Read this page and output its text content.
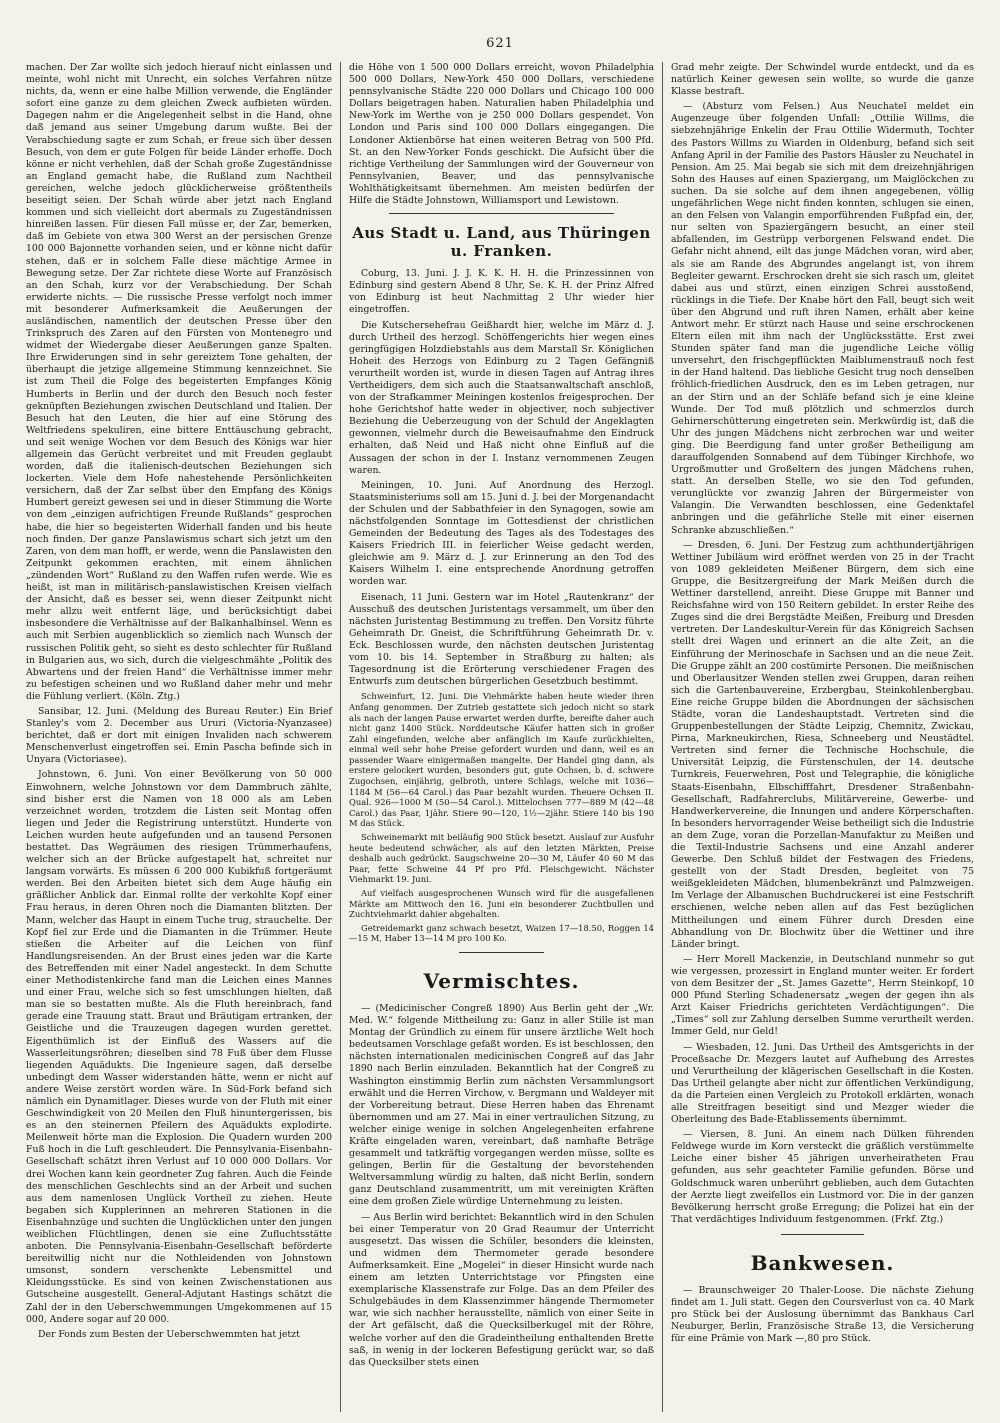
621

machen. Der Zar wollte sich jedoch hierauf nicht einlassen und meinte, wohl nicht mit Unrecht, ein solches Verfahren nütze nichts, da, wenn er eine halbe Million verwende, die Engländer sofort eine ganze zu dem gleichen Zweck aufbieten würden. Dagegen nahm er die Angelegenheit selbst in die Hand, ohne daß jemand aus seiner Umgebung darum wußte. Bei der Verabschiedung sagte er zum Schah, er freue sich über dessen Besuch, von dem er gute Folgen für beide Länder erhoffe. Doch könne er nicht verhehlen, daß der Schah große Zugeständnisse an England gemacht habe, die Rußland zum Nachtheil gereichen, welche jedoch glücklicherweise größtentheils beseitigt seien. Der Schah würde aber jetzt nach England kommen und sich vielleicht dort abermals zu Zugeständnissen hinreißen lassen. Für diesen Fall müsse er, der Zar, bemerken, daß im Gebiete von etwa 300 Werst an der persischen Grenze 100 000 Bajonnette vorhanden seien, und er könne nicht dafür stehen, daß er in solchem Falle diese mächtige Armee in Bewegung setze. Der Zar richtete diese Worte auf Französisch an den Schah, kurz vor der Verabschiedung. Der Schah erwiderte nichts. — Die russische Presse verfolgt noch immer mit besonderer Aufmerksamkeit die Aeußerungen der ausländischen, namentlich der deutschen Presse über den Trinkspruch des Zaren auf den Fürsten von Montenegro und widmet der Wiedergabe dieser Aeußerungen ganze Spalten. Ihre Erwiderungen sind in sehr gereiztem Tone gehalten, der überhaupt die jetzige allgemeine Stimmung kennzeichnet. Sie ist zum Theil die Folge des begeisterten Empfanges König Humberts in Berlin und der durch den Besuch noch fester geknüpften Beziehungen zwischen Deutschland und Italien. Der Besuch hat den Leuten, die hier auf eine Störung des Weltfriedens spekuliren, eine bittere Enttäuschung gebracht, und seit wenige Wochen vor dem Besuch des Königs war hier allgemein das Gerücht verbreitet und mit Freuden geglaubt worden, daß die italienisch-deutschen Beziehungen sich lockerten. Viele dem Hofe nahestehende Persönlichkeiten versichern, daß der Zar selbst über den Empfang des Königs Humbert gereizt gewesen sei und in dieser Stimmung die Worte von dem „einzigen aufrichtigen Freunde Rußlands“ gesprochen habe, die hier so begeisterten Widerhall fanden und bis heute noch finden. Der ganze Panslawismus schart sich jetzt um den Zaren, von dem man hofft, er werde, wenn die Panslawisten den Zeitpunkt gekommen erachten, mit einem ähnlichen „zündenden Wort“ Rußland zu den Waffen rufen werde. Wie es heißt, ist man in militärisch-panslawistischen Kreisen vielfach der Ansicht, daß es besser sei, wenn dieser Zeitpunkt nicht mehr allzu weit entfernt läge, und berücksichtigt dabei insbesondere die Verhältnisse auf der Balkanhalbinsel. Wenn es auch mit Serbien augenblicklich so ziemlich nach Wunsch der russischen Politik geht, so sieht es desto schlechter für Rußland in Bulgarien aus, wo sich, durch die vielgeschmähte „Politik des Abwartens und der freien Hand“ die Verhältnisse immer mehr zu befestigen scheinen und wo Rußland daher mehr und mehr die Fühlung verliert. (Köln. Ztg.)

Sansibar, 12. Juni. (Meldung des Bureau Reuter.) Ein Brief Stanley's vom 2. December aus Ururi (Victoria-Nyanzasee) berichtet, daß er dort mit einigen Invaliden nach schwerem Menschenverlust eingetroffen sei. Emin Pascha befinde sich in Unyara (Victoriasee).

Johnstown, 6. Juni. Von einer Bevölkerung von 50 000 Einwohnern, welche Johnstown vor dem Dammbruch zählte, sind bisher erst die Namen von 18 000 als am Leben verzeichnet worden, trotzdem die Listen seit Montag offen liegen und Jeder die Registrirung unterstützt. Hunderte von Leichen wurden heute aufgefunden und an tausend Personen bestattet. Das Wegräumen des riesigen Trümmerhaufens, welcher sich an der Brücke aufgestapelt hat, schreitet nur langsam vorwärts. Es müssen 6 200 000 Kubikfuß fortgeräumt werden. Bei den Arbeiten bietet sich dem Auge häufig ein gräßlicher Anblick dar. Einmal rollte der verkohlte Kopf einer Frau heraus, in deren Ohren noch die Diamanten blitzten. Der Mann, welcher das Haupt in einem Tuche trug, strauchelte. Der Kopf fiel zur Erde und die Diamanten in die Trümmer. Heute stießen die Arbeiter auf die Leichen von fünf Handlungsreisenden. An der Brust eines jeden war die Karte des Betreffenden mit einer Nadel angesteckt. In dem Schutte einer Methodistenkirche fand man die Leichen eines Mannes und einer Frau, welche sich so fest umschlungen hielten, daß man sie so bestatten mußte. Als die Fluth hereinbrach, fand gerade eine Trauung statt. Braut und Bräutigam ertranken, der Geistliche und die Trauzeugen dagegen wurden gerettet. Eigenthümlich ist der Einfluß des Wassers auf die Wasserleitungsröhren; dieselben sind 78 Fuß über dem Flusse liegenden Aquädukts. Die Ingenieure sagen, daß derselbe unbedingt dem Wasser widerstanden hätte, wenn er nicht auf andere Weise zerstört worden wäre. In Süd-Fork befand sich nämlich ein Dynamitlager. Dieses wurde von der Fluth mit einer Geschwindigkeit von 20 Meilen den Fluß hinuntergerissen, bis es an den steinernen Pfeilern des Aquädukts explodirte. Meilenweit hörte man die Explosion. Die Quadern wurden 200 Fuß hoch in die Luft geschleudert. Die Pennsylvania-Eisenbahn-Gesellschaft schätzt ihren Verlust auf 10 000 000 Dollars. Vor drei Wochen kann kein geordneter Zug fahren. Auch die Feinde des menschlichen Geschlechts sind an der Arbeit und suchen aus dem namenlosen Unglück Vortheil zu ziehen. Heute begaben sich Kupplerinnen an mehreren Stationen in die Eisenbahnzüge und suchten die Unglücklichen unter den jungen weiblichen Flüchtlingen, denen sie eine Zufluchtsstätte anboten. Die Pennsylvania-Eisenbahn-Gesellschaft beförderte bereitwillig nicht nur die Nothleidenden von Johnstown umsonst, sondern verschenkte Lebensmittel und Kleidungsstücke. Es sind von keinen Zwischenstationen aus Gutscheine ausgestellt. General-Adjutant Hastings schätzt die Zahl der in den Ueberschwemmungen Umgekommenen auf 15 000, Andere sogar auf 20 000.

Der Fonds zum Besten der Ueberschwemmten hat jetzt

die Höhe von 1 500 000 Dollars erreicht, wovon Philadelphia 500 000 Dollars, New-York 450 000 Dollars, verschiedene pennsylvanische Städte 220 000 Dollars und Chicago 100 000 Dollars beigetragen haben. Naturalien haben Philadelphia und New-York im Werthe von je 250 000 Dollars gespendet. Von London und Paris sind 100 000 Dollars eingegangen. Die Londoner Aktienbörse hat einen weiteren Betrag von 500 Pfd. St. an den New-Yorker Fonds geschickt. Die Aufsicht über die richtige Vertheilung der Sammlungen wird der Gouverneur von Pennsylvanien, Beaver, und das pennsylvanische Wohlthätigkeitsamt übernehmen. Am meisten bedürfen der Hilfe die Städte Johnstown, Williamsport und Lewistown.

Aus Stadt u. Land, aus Thüringen u. Franken.

Coburg, 13. Juni. J. J. K. K. H. H. die Prinzessinnen von Edinburg sind gestern Abend 8 Uhr, Se. K. H. der Prinz Alfred von Edinburg ist heut Nachmittag 2 Uhr wieder hier eingetroffen.

Die Kutschersehefrau Geißhardt hier, welche im März d. J. durch Urtheil des herzogl. Schöffengerichts hier wegen eines geringfügigen Holzdiebstahls aus dem Marstall Sr. Königlichen Hoheit des Herzogs von Edinburg zu 2 Tagen Gefängniß verurtheilt worden ist, wurde in diesen Tagen auf Antrag ihres Vertheidigers, dem sich auch die Staatsanwaltschaft anschloß, von der Strafkammer Meiningen kostenlos freigesprochen. Der hohe Gerichtshof hatte weder in objectiver, noch subjectiver Beziehung die Ueberzeugung von der Schuld der Angeklagten gewonnen, vielmehr durch die Beweisaufnahme den Eindruck erhalten, daß Neid und Haß nicht ohne Einfluß auf die Aussagen der schon in der I. Instanz vernommenen Zeugen waren.

Meiningen, 10. Juni. Auf Anordnung des Herzogl. Staatsministeriums soll am 15. Juni d. J. bei der Morgenandacht der Schulen und der Sabbathfeier in den Synagogen, sowie am nächstfolgenden Sonntage im Gottesdienst der christlichen Gemeinden der Bedeutung des Tages als des Todestages des Kaisers Friedrich III. in feierlicher Weise gedacht werden, gleichwie am 9. März d. J. zur Erinnerung an den Tod des Kaisers Wilhelm I. eine entsprechende Anordnung getroffen worden war.

Eisenach, 11 Juni. Gestern war im Hotel „Rautenkranz“ der Ausschuß des deutschen Juristentags versammelt, um über den nächsten Juristentag Bestimmung zu treffen. Den Vorsitz führte Geheimrath Dr. Gneist, die Schriftführung Geheimrath Dr. v. Eck. Beschlossen wurde, den nächsten deutschen Juristentag vom 10. bis 14. September in Straßburg zu halten; als Tagesordnung ist die Erörterung verschiedener Fragen des Entwurfs zum deutschen bürgerlichen Gesetzbuch bestimmt.

Schweinfurt, 12. Juni. Die Viehmärkte haben heute wieder ihren Anfang genommen. Der Zutrieb gestattete sich jedoch nicht so stark als nach der langen Pause erwartet werden durfte, bereifte daher auch nicht ganz 1400 Stück. Norddeutsche Käufer hatten sich in großer Zahl eingefunden, welche aber anfänglich im Kaufe zurückhielten, einmal weil sehr hohe Preise gefordert wurden und dann, weil es an passender Waare einigermaßen mangelte. Der Handel ging dann, als erstere gelockert wurden, besonders gut, gute Ochsen, b. d. schwere Zugochsen, einjährig, gelbroth, untere Schlags, welche mit 1036—1184 M (56—64 Carol.) das Paar bezahlt wurden. Theuere Ochsen II. Qual. 926—1000 M (50—54 Carol.). Mittelochsen 777—889 M (42—48 Carol.) das Paar, 1jähr. Stiere 90—120, 1½—2jähr. Stiere 140 bis 190 M das Stück.

Schweinemarkt mit beiläufig 900 Stück besetzt. Auslauf zur Ausfuhr heute bedeutend schwächer, als auf den letzten Märkten, Preise deshalb auch gedrückt. Saugschweine 20—30 M, Läufer 40 60 M das Paar, fette Schweine 44 Pf pro Pfd. Fleischgewicht. Nächster Viehmarkt 19. Juni.

Auf vielfach ausgesprochenen Wunsch wird für die ausgefallenen Märkte am Mittwoch den 16. Juni ein besonderer Zuchtbullen und Zuchtviehmarkt dahier abgehalten.

Getreidemarkt ganz schwach besetzt, Waizen 17—18.50, Roggen 14—15 M, Haber 13—14 M pro 100 Ko.

Vermischtes.

— (Medicinischer Congreß 1890) Aus Berlin geht der „Wr. Med. W.“ folgende Mittheilung zu: Ganz in aller Stille ist man Montag der Gründlich zu einem für unsere ärztliche Welt hoch bedeutsamen Vorschlage gefaßt worden. Es ist beschlossen, den nächsten internationalen medicinischen Congreß auf das Jahr 1890 nach Berlin einzuladen. Bekanntlich hat der Congreß zu Washington einstimmig Berlin zum nächsten Versammlungsort erwählt und die Herren Virchow, v. Bergmann und Waldeyer mit der Vorbereitung betraut. Diese Herren haben das Ehrenamt übernommen und am 27. Mai in einer vertraulichen Sitzung, zu welcher einige wenige in solchen Angelegenheiten erfahrene Kräfte eingeladen waren, vereinbart, daß namhafte Beträge gesammelt und tatkräftig vorgegangen werden müsse, sollte es gelingen, Berlin für die Gestaltung der bevorstehenden Weltversammlung würdig zu halten, daß nicht Berlin, sondern ganz Deutschland zusammentritt, um mit vereinigten Kräften eine dem großen Ziele würdige Unternehmung zu leisten.

— Aus Berlin wird berichtet: Bekanntlich wird in den Schulen bei einer Temperatur von 20 Grad Reaumur der Unterricht ausgesetzt. Das wissen die Schüler, besonders die kleinsten, und widmen dem Thermometer gerade besondere Aufmerksamkeit. Eine „Mogelei“ in dieser Hinsicht wurde nach einem am letzten Unterrichtstage vor Pfingsten eine exemplarische Klassenstrafe zur Folge. Das an dem Pfeiler des Schulgebäudes in dem Klassenzimmer hängende Thermometer war, wie sich nachher herausstellte, nämlich von einer Seite in der Art gefälscht, daß die Quecksilberkugel mit der Röhre, welche vorher auf den die Gradeintheilung enthaltenden Brette saß, in wenig in der lockeren Befestigung gerückt war, so daß das Quecksilber stets einen

Grad mehr zeigte. Der Schwindel wurde entdeckt, und da es natürlich Keiner gewesen sein wollte, so wurde die ganze Klasse bestraft.

— (Absturz vom Felsen.) Aus Neuchatel meldet ein Augenzeuge über folgenden Unfall: „Ottilie Willms, die siebzehnjährige Enkelin der Frau Ottilie Widermuth, Tochter des Pastors Willms zu Wiarden in Oldenburg, befand sich seit Anfang April in der Familie des Pastors Häusler zu Neuchatel in Pension. Am 25. Mai begab sie sich mit dem dreizehnjährigen Sohn des Hauses auf einen Spaziergang, um Maiglöckchen zu suchen. Da sie solche auf dem ihnen angegebenen, völlig ungefährlichen Wege nicht finden konnten, schlugen sie einen, an den Felsen von Valangin emporführenden Fußpfad ein, der, nur selten von Spaziergängern besucht, an einer steil abfallenden, im Gestrüpp verborgenen Felswand endet. Die Gefahr nicht ahnend, eilt das junge Mädchen voran, wird aber, als sie am Rande des Abgrundes angelangt ist, von ihrem Begleiter gewarnt. Erschrocken dreht sie sich rasch um, gleitet dabei aus und stürzt, einen einzigen Schrei ausstoßend, rücklings in die Tiefe. Der Knabe hört den Fall, beugt sich weit über den Abgrund und ruft ihren Namen, erhält aber keine Antwort mehr. Er stürzt nach Hause und seine erschrockenen Eltern eilen mit ihm nach der Unglücksstätte. Erst zwei Stunden später fand man die jugendliche Leiche völlig unversehrt, den frischgepflückten Maiblumenstrauß noch fest in der Hand haltend. Das liebliche Gesicht trug noch denselben fröhlich-friedlichen Ausdruck, den es im Leben getragen, nur an der Stirn und an der Schläfe befand sich je eine kleine Wunde. Der Tod muß plötzlich und schmerzlos durch Gehirnerschütterung eingetreten sein. Merkwürdig ist, daß die Uhr des jungen Mädchens nicht zerbrochen war und weiter ging. Die Beerdigung fand unter großer Betheiligung am darauffolgenden Sonnabend auf dem Tübinger Kirchhofe, wo Urgroßmutter und Großeltern des jungen Mädchens ruhen, statt. An derselben Stelle, wo sie den Tod gefunden, verunglückte vor zwanzig Jahren der Bürgermeister von Valangin. Die Verwandten beschlossen, eine Gedenktafel anbringen und die gefährliche Stelle mit einer eisernen Schranke abzuschließen.“

— Dresden, 6. Juni. Der Festzug zum achthundertjährigen Wettiner Jubiläum wird eröffnet werden von 25 in der Tracht von 1089 gekleideten Meißener Bürgern, dem sich eine Gruppe, die Besitzergreifung der Mark Meißen durch die Wettiner darstellend, anreiht. Diese Gruppe mit Banner und Reichsfahne wird von 150 Reitern gebildet. In erster Reihe des Zuges sind die drei Bergstädte Meißen, Freiburg und Dresden vertreten. Der Landeskultur-Verein für das Königreich Sachsen stellt drei Wagen und erinnert an die alte Zeit, an die Einführung der Merinoschafe in Sachsen und an die neue Zeit. Die Gruppe zählt an 200 costümirte Personen. Die meißnischen und Oberlausitzer Wenden stellen zwei Gruppen, daran reihen sich die Gartenbauvereine, Erzbergbau, Steinkohlenbergbau. Eine reiche Gruppe bilden die Abordnungen der sächsischen Städte, voran die Landeshauptstadt. Vertreten sind die Gruppenbestellungen der Städte Leipzig, Chemnitz, Zwickau, Pirna, Markneukirchen, Riesa, Schneeberg und Neustädtel. Vertreten sind ferner die Technische Hochschule, die Universität Leipzig, die Fürstenschulen, der 14. deutsche Turnkreis, Feuerwehren, Post und Telegraphie, die königliche Staats-Eisenbahn, Elbschifffahrt, Dresdener Straßenbahn-Gesellschaft, Radfahrerclubs, Militärvereine, Gewerbe- und Handwerkervereine, die Innungen und andere Körperschaften. In besonders hervorragender Weise betheiligt sich die Industrie an dem Zuge, voran die Porzellan-Manufaktur zu Meißen und die Textil-Industrie Sachsens und eine Anzahl anderer Gewerbe. Den Schluß bildet der Festwagen des Friedens, gestellt von der Stadt Dresden, begleitet von 75 weißgekleideten Mädchen, blumenbekränzt und Palmzweigen. Im Verlage der Albanuschen Buchdruckerei ist eine Festschrift erschienen, welche neben allen auf das Fest bezüglichen Mittheilungen und einem Führer durch Dresden eine Abhandlung von Dr. Blochwitz über die Wettiner und ihre Länder bringt.

— Herr Morell Mackenzie, in Deutschland nunmehr so gut wie vergessen, prozessirt in England munter weiter. Er fordert von dem Besitzer der „St. James Gazette“, Herrn Steinkopf, 10 000 Pfund Sterling Schadenersatz „wegen der gegen ihn als Arzt Kaiser Friedrichs gerichteten Verdächtigungen“. Die „Times“ soll zur Zahlung derselben Summe verurtheilt werden. Immer Geld, nur Geld!

— Wiesbaden, 12. Juni. Das Urtheil des Amtsgerichts in der Proceßsache Dr. Mezgers lautet auf Aufhebung des Arrestes und Verurtheilung der klägerischen Gesellschaft in die Kosten. Das Urtheil gelangte aber nicht zur öffentlichen Verkündigung, da die Parteien einen Vergleich zu Protokoll erklärten, wonach alle Streitfragen beseitigt sind und Mezger wieder die Oberleitung des Bade-Etablissements übernimmt.

— Viersen, 8. Juni. An einem nach Dülken führenden Feldwege wurde im Korn versteckt die gräßlich verstümmelte Leiche einer bisher 45 jährigen unverheiratheten Frau gefunden, aus sehr geachteter Familie gefunden. Börse und Goldschmuck waren unberührt geblieben, auch dem Gutachten der Aerzte liegt zweifellos ein Lustmord vor. Die in der ganzen Bevölkerung herrscht große Erregung; die Polizei hat ein der That verdächtiges Individuum festgenommen. (Frkf. Ztg.)

Bankwesen.

— Braunschweiger 20 Thaler-Loose. Die nächste Ziehung findet am 1. Juli statt. Gegen den Coursverlust von ca. 40 Mark pro Stück bei der Auslosung übernimmt das Bankhaus Carl Neuburger, Berlin, Französische Straße 13, die Versicherung für eine Prämie von Mark —,80 pro Stück.
